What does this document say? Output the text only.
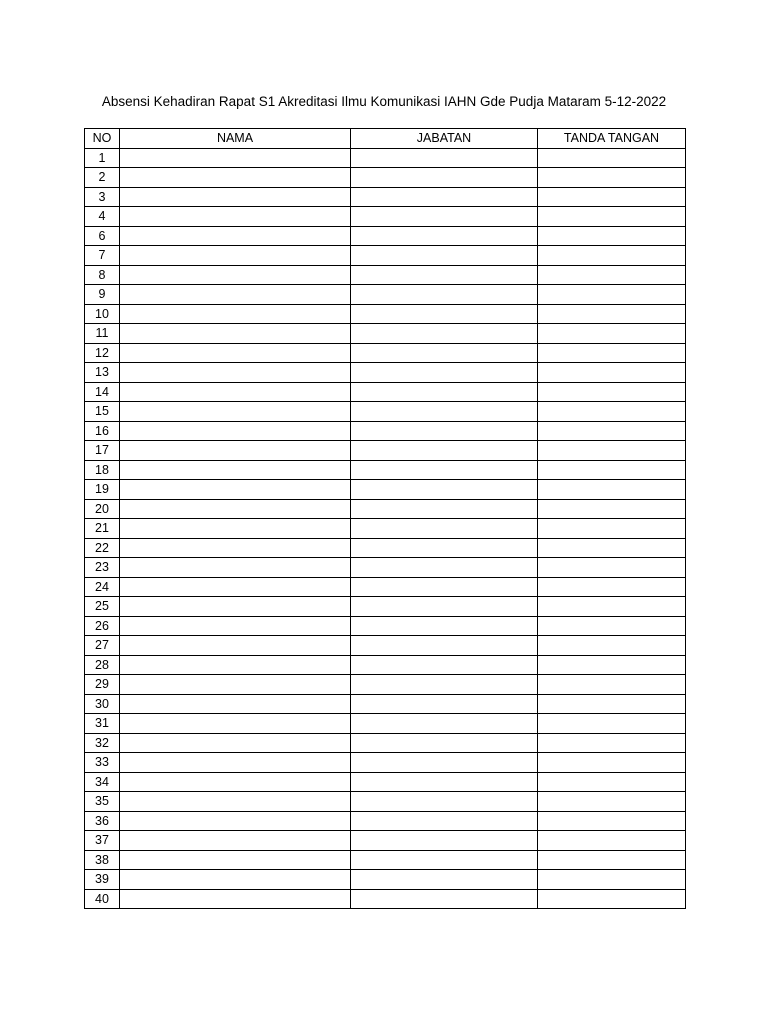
Absensi Kehadiran Rapat S1 Akreditasi Ilmu Komunikasi IAHN Gde Pudja Mataram 5-12-2022
NO	NAMA	JABATAN	TANDA TANGAN
1			
2			
3			
4			
6			
7			
8			
9			
10			
11			
12			
13			
14			
15			
16			
17			
18			
19			
20			
21			
22			
23			
24			
25			
26			
27			
28			
29			
30			
31			
32			
33			
34			
35			
36			
37			
38			
39			
40			
